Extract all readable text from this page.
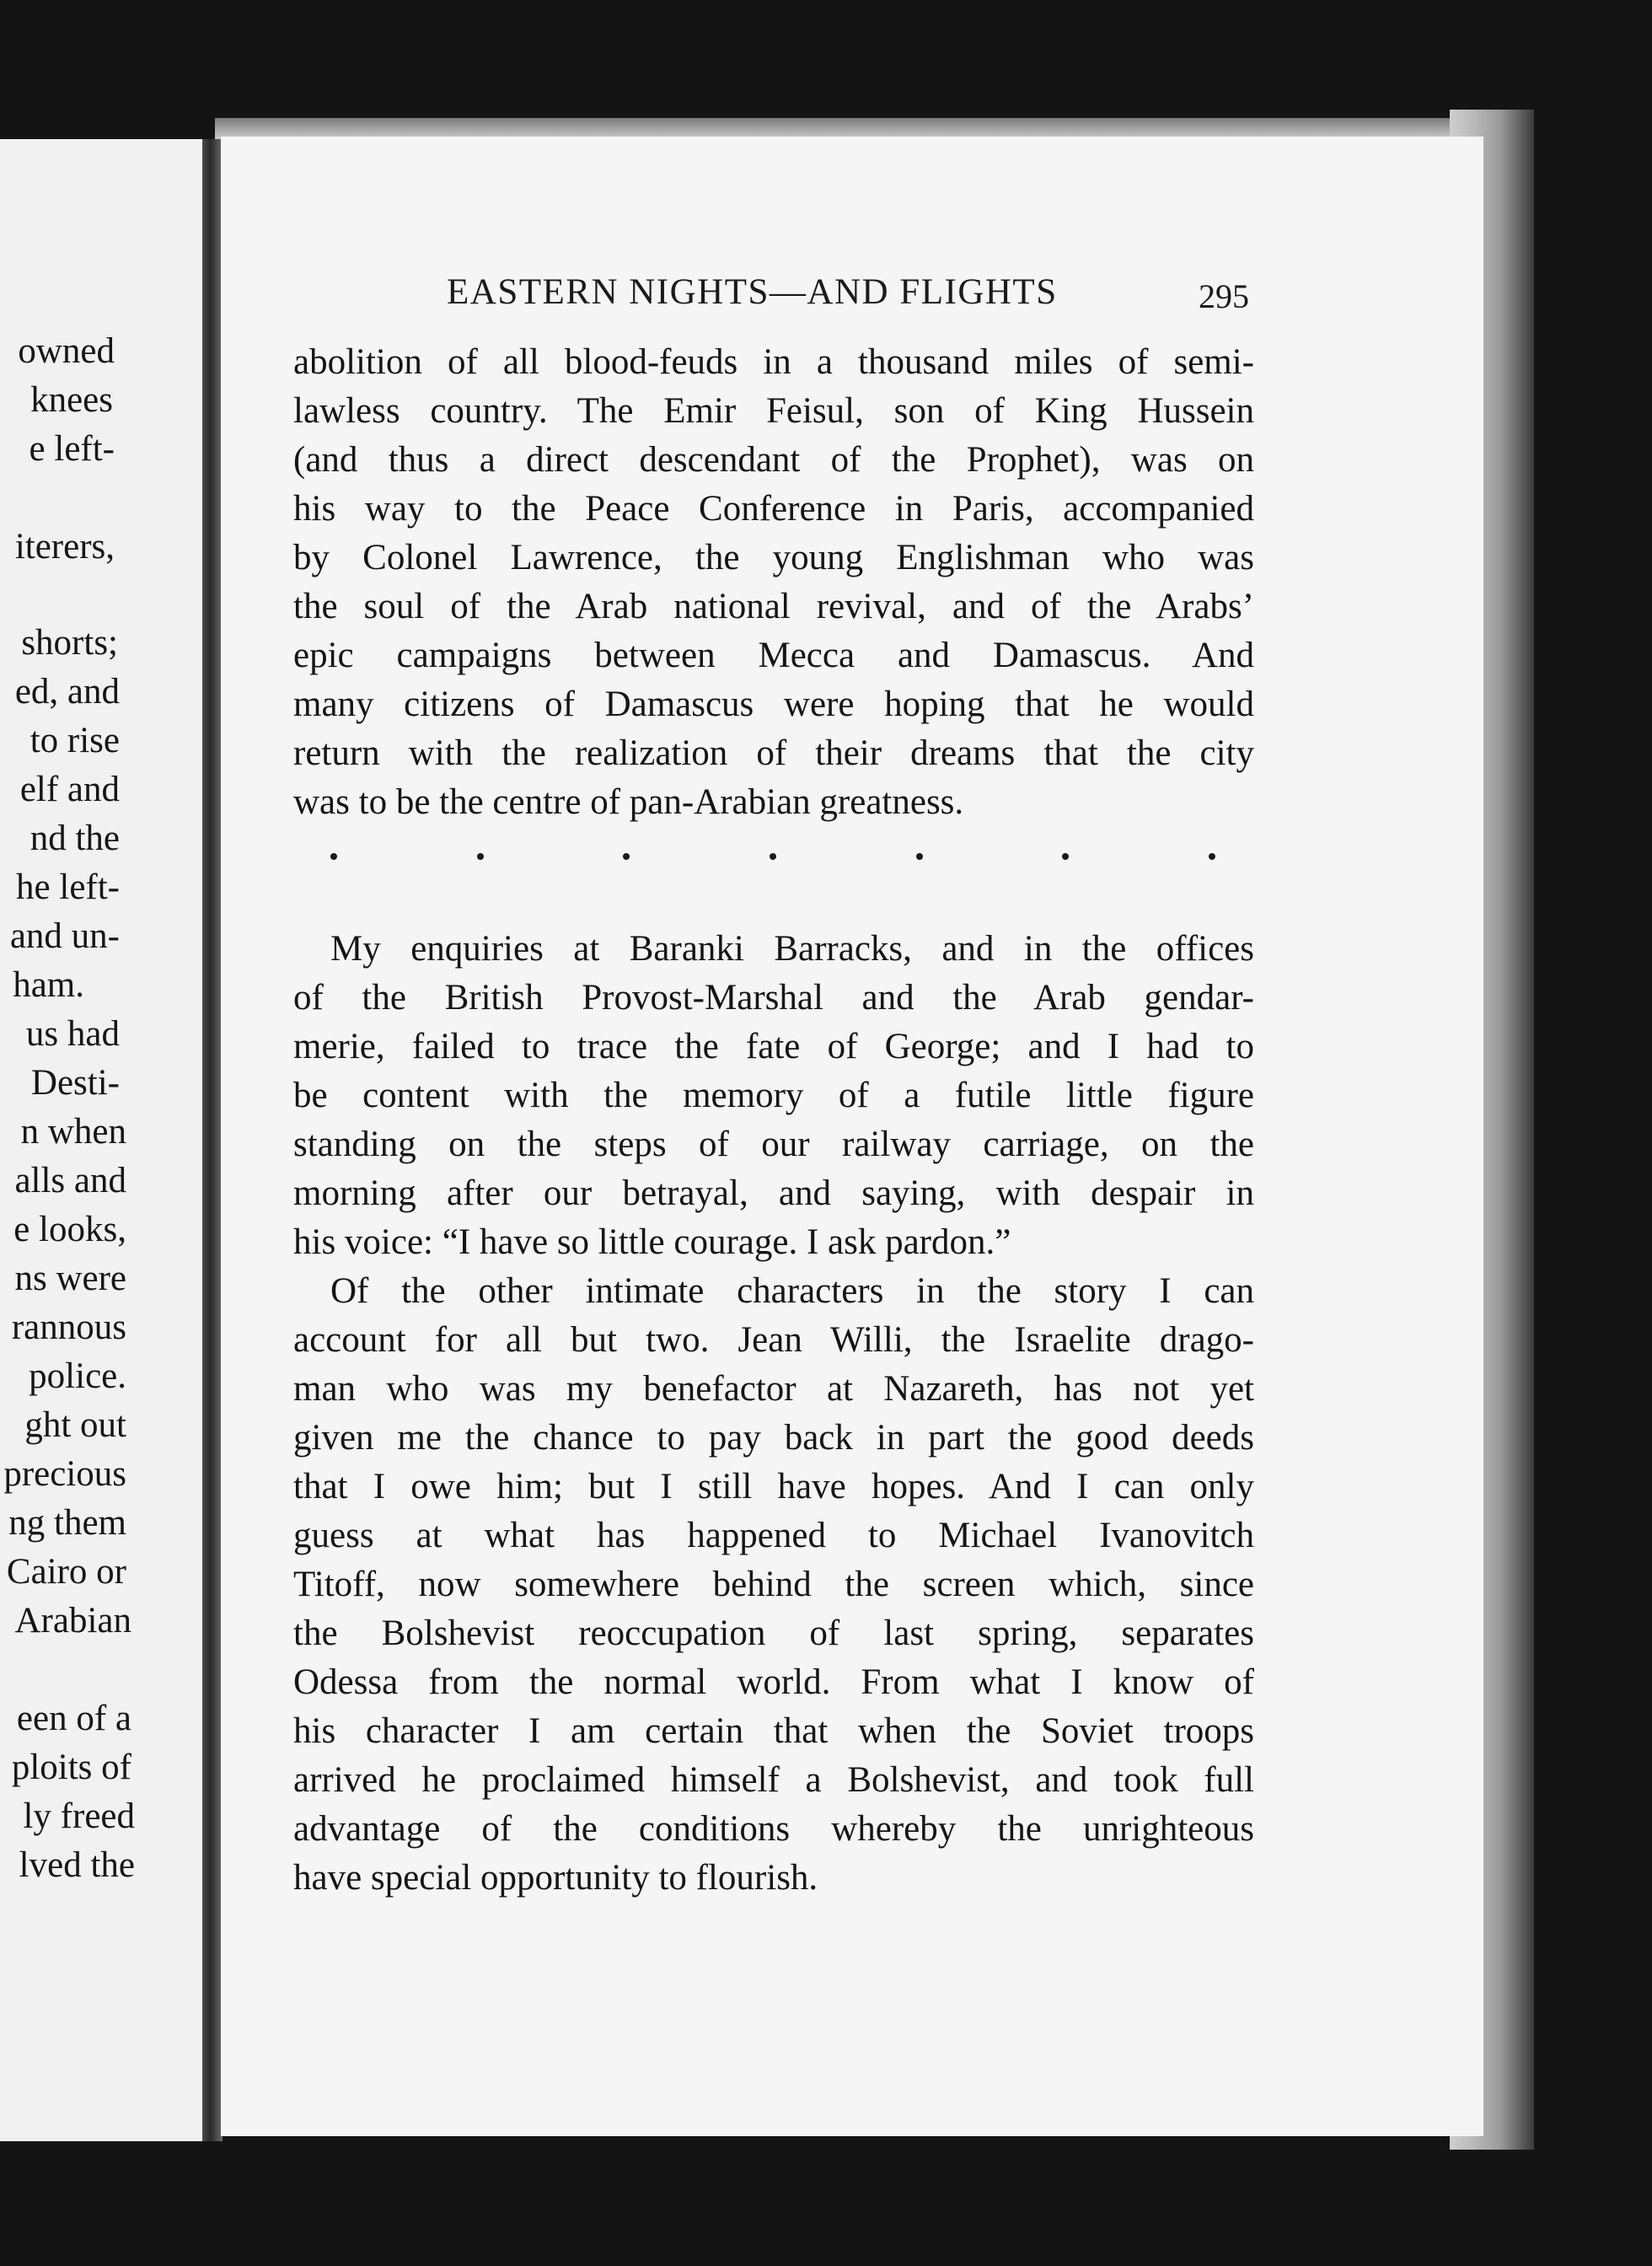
owned
knees
e left-
iterers,
shorts;
ed, and
to rise
elf and
nd the
he left-
and un-
ham.
us had
Desti-
n when
alls and
e looks,
ns were
rannous
police.
ght out
precious
ng them
Cairo or
Arabian
een of a
ploits of
ly freed
lved the
EASTERN NIGHTS—AND FLIGHTS	295
abolition of all blood-feuds in a thousand miles of semi-
lawless country. The Emir Feisul, son of King Hussein
(and thus a direct descendant of the Prophet), was on
his way to the Peace Conference in Paris, accompanied
by Colonel Lawrence, the young Englishman who was
the soul of the Arab national revival, and of the Arabs’
epic campaigns between Mecca and Damascus. And
many citizens of Damascus were hoping that he would
return with the realization of their dreams that the city
was to be the centre of pan-Arabian greatness.
My enquiries at Baranki Barracks, and in the offices
of the British Provost-Marshal and the Arab gendar-
merie, failed to trace the fate of George; and I had to
be content with the memory of a futile little figure
standing on the steps of our railway carriage, on the
morning after our betrayal, and saying, with despair in
his voice: “I have so little courage. I ask pardon.”
Of the other intimate characters in the story I can
account for all but two. Jean Willi, the Israelite drago-
man who was my benefactor at Nazareth, has not yet
given me the chance to pay back in part the good deeds
that I owe him; but I still have hopes. And I can only
guess at what has happened to Michael Ivanovitch
Titoff, now somewhere behind the screen which, since
the Bolshevist reoccupation of last spring, separates
Odessa from the normal world. From what I know of
his character I am certain that when the Soviet troops
arrived he proclaimed himself a Bolshevist, and took full
advantage of the conditions whereby the unrighteous
have special opportunity to flourish.
